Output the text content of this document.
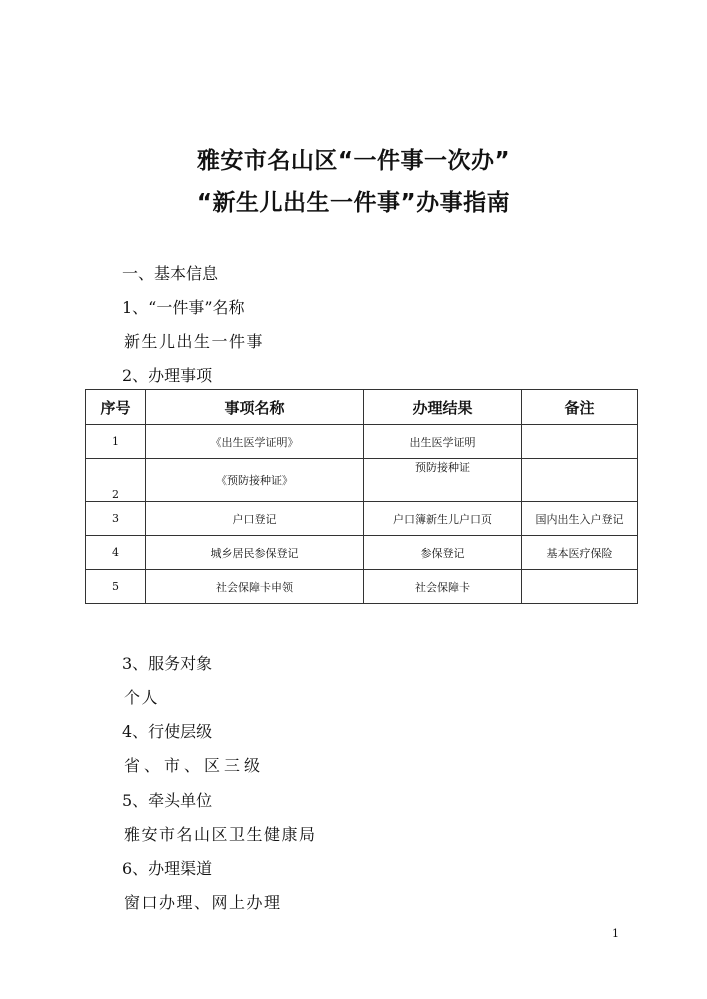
雅安市名山区“一件事一次办”
“新生儿出生一件事”办事指南
一、基本信息
1、“一件事”名称
新生儿出生一件事
2、办理事项
序号	事项名称	办理结果	备注
1	《出生医学证明》	出生医学证明	
2	《预防接种证》	预防接种证	
3	户口登记	户口簿新生儿户口页	国内出生入户登记
4	城乡居民参保登记	参保登记	基本医疗保险
5	社会保障卡申领	社会保障卡	
3、服务对象
个人
4、行使层级
省、市、区三级
5、牵头单位
雅安市名山区卫生健康局
6、办理渠道
窗口办理、网上办理
1
